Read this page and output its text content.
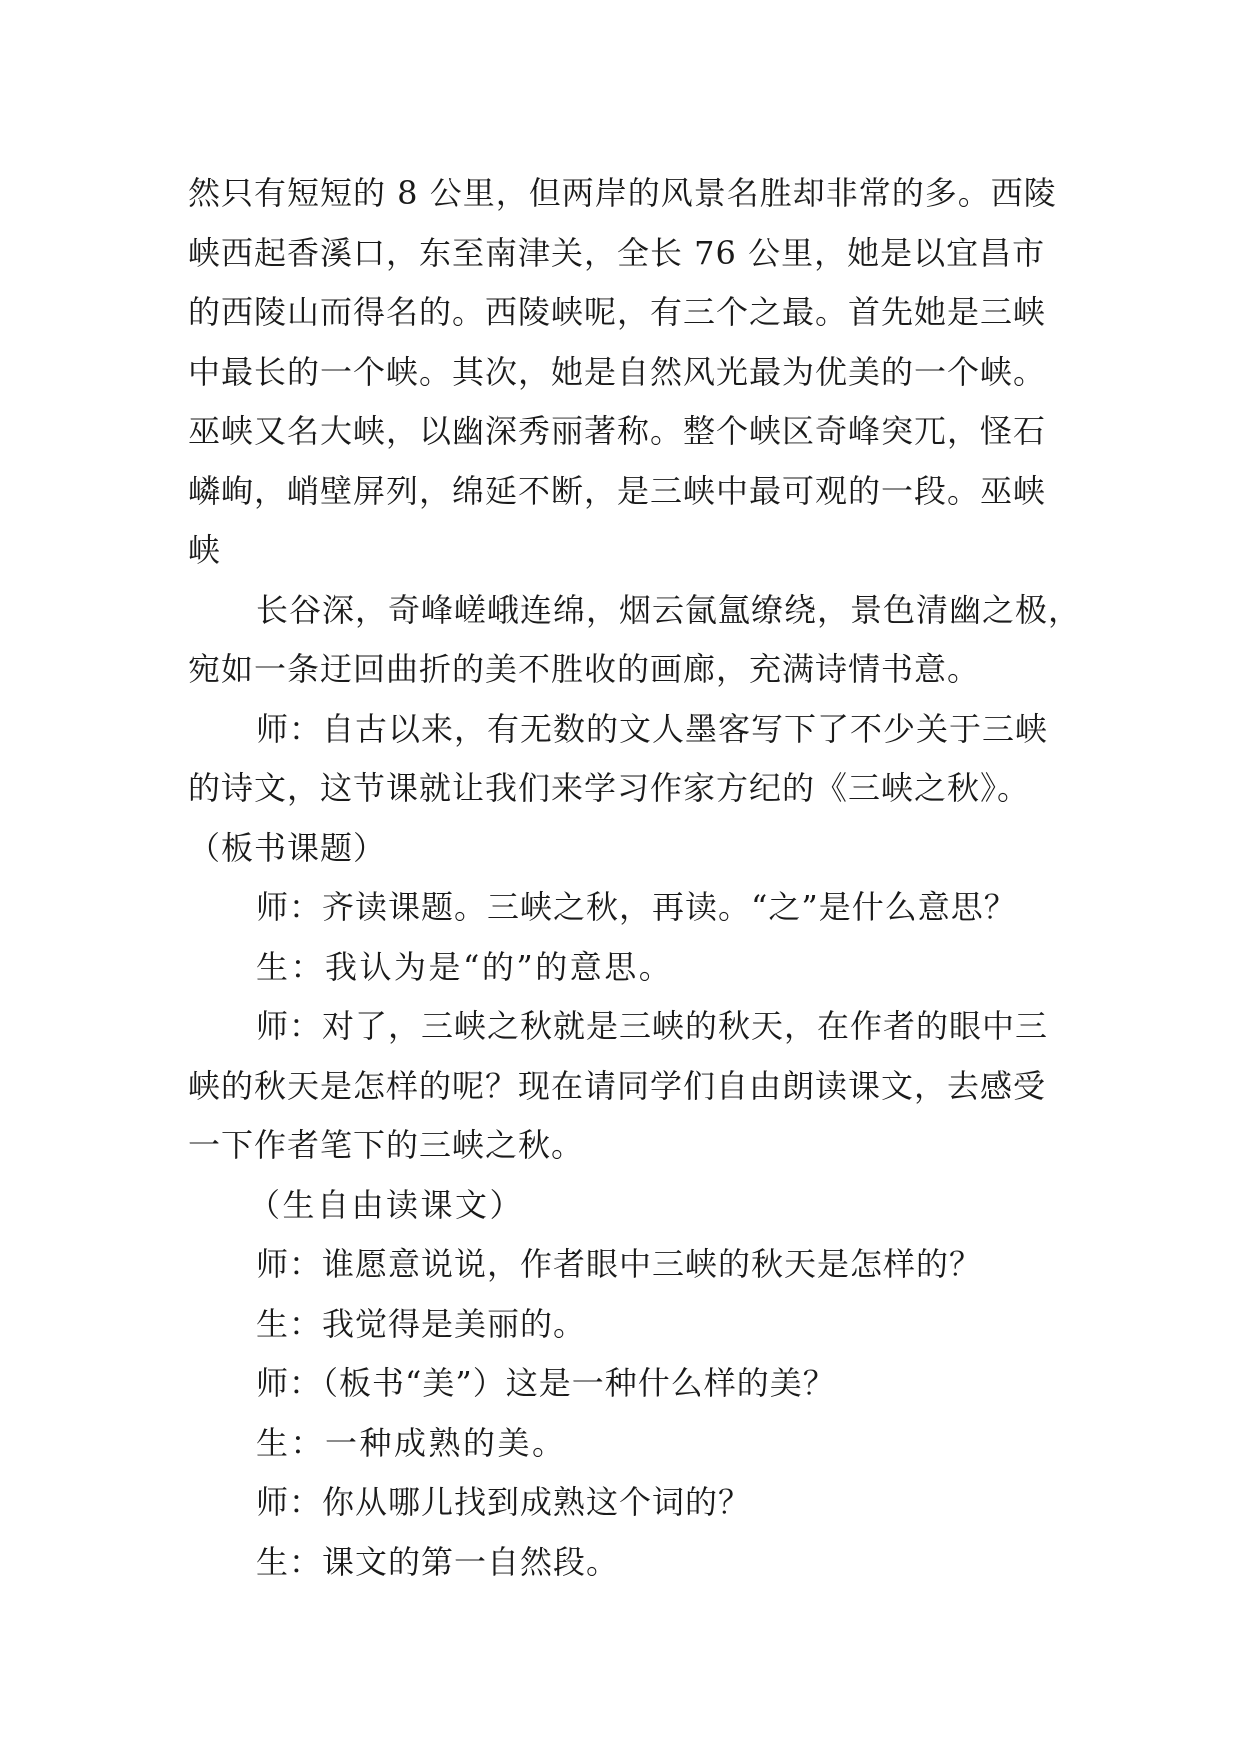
然只有短短的 8 公里，但两岸的风景名胜却非常的多。西陵
峡西起香溪口，东至南津关，全长 76 公里，她是以宜昌市
的西陵山而得名的。西陵峡呢，有三个之最。首先她是三峡
中最长的一个峡。其次，她是自然风光最为优美的一个峡。
巫峡又名大峡，以幽深秀丽著称。整个峡区奇峰突兀，怪石
嶙峋，峭壁屏列，绵延不断，是三峡中最可观的一段。巫峡
峡
长谷深，奇峰嵯峨连绵，烟云氤氲缭绕，景色清幽之极，
宛如一条迂回曲折的美不胜收的画廊，充满诗情书意。
师：自古以来，有无数的文人墨客写下了不少关于三峡
的诗文，这节课就让我们来学习作家方纪的《三峡之秋》。
（板书课题）
师：齐读课题。三峡之秋，再读。“之”是什么意思？
生：我认为是“的”的意思。
师：对了，三峡之秋就是三峡的秋天，在作者的眼中三
峡的秋天是怎样的呢？现在请同学们自由朗读课文，去感受
一下作者笔下的三峡之秋。
（生自由读课文）
师：谁愿意说说，作者眼中三峡的秋天是怎样的？
生：我觉得是美丽的。
师：（板书“美”）这是一种什么样的美？
生：一种成熟的美。
师：你从哪儿找到成熟这个词的？
生：课文的第一自然段。
